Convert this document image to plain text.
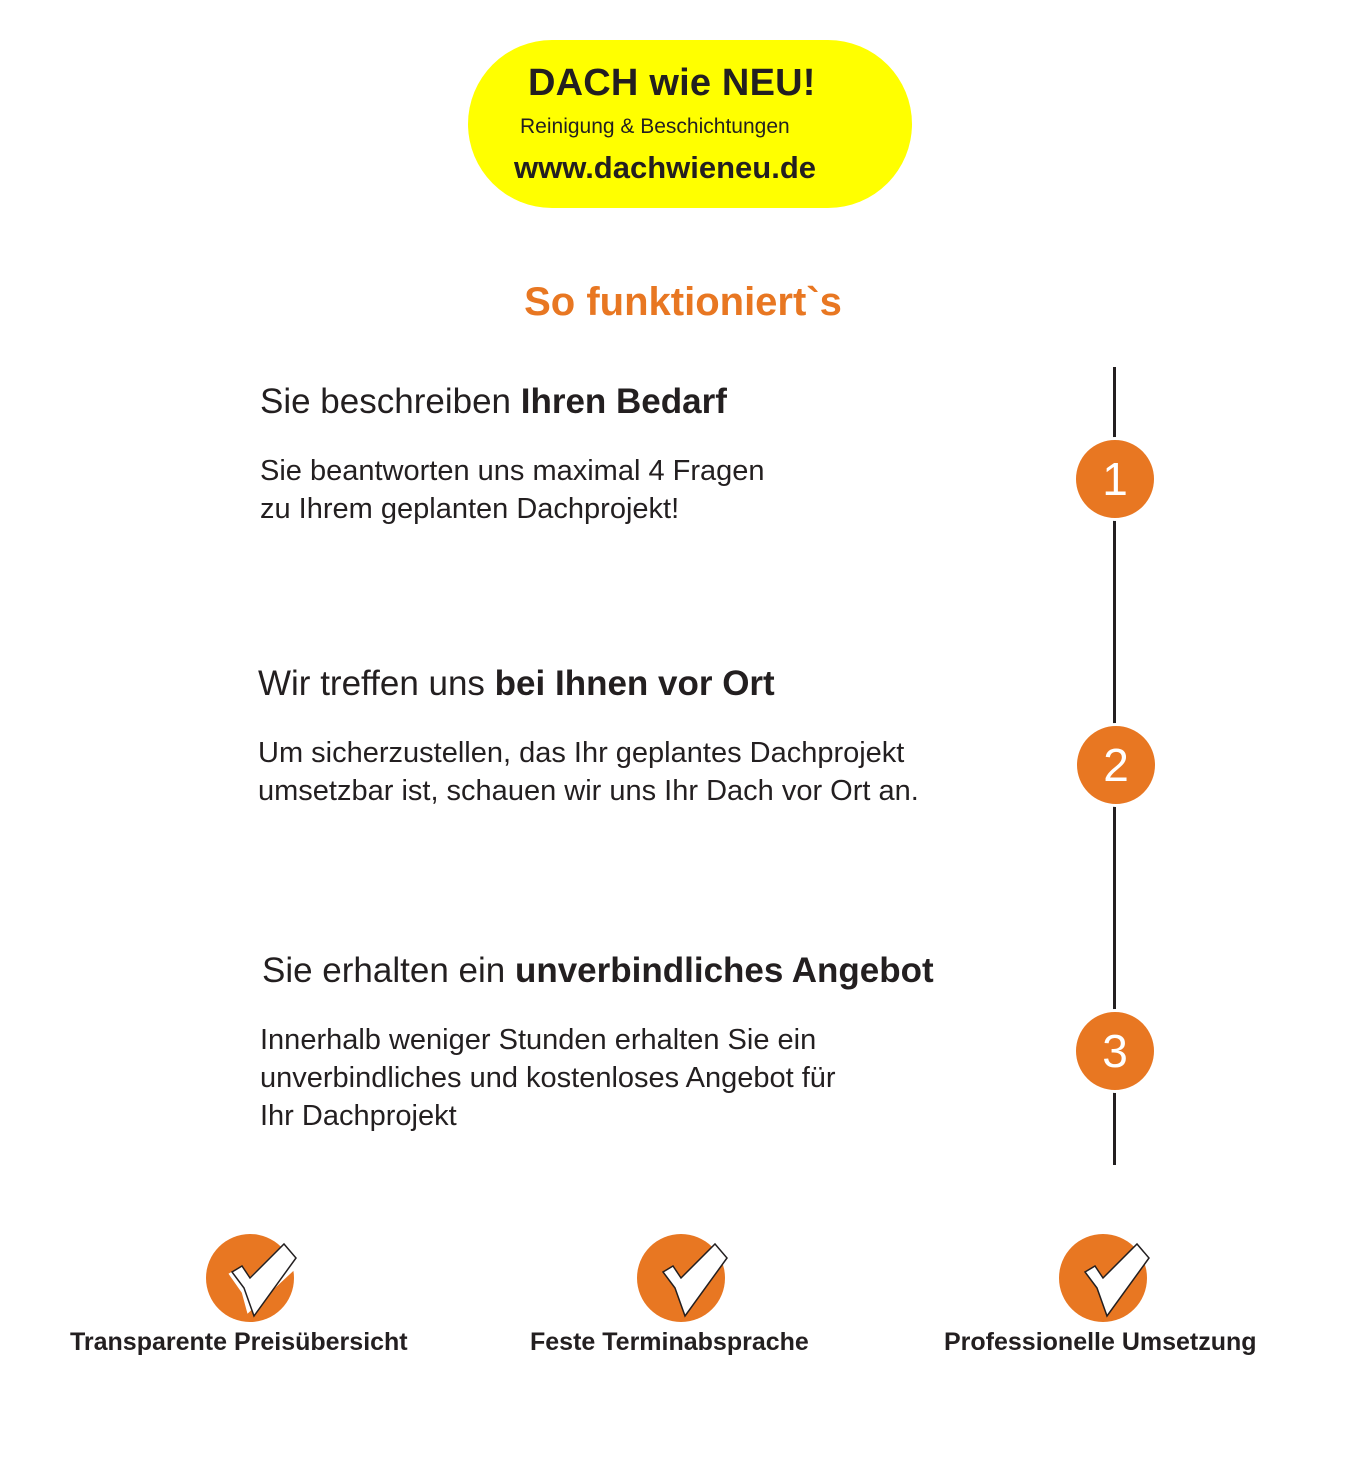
DACH wie NEU!
Reinigung & Beschichtungen
www.dachwieneu.de
So funktioniert`s
Sie beschreiben Ihren Bedarf
Sie beantworten uns maximal 4 Fragen
zu Ihrem geplanten Dachprojekt!
1
Wir treffen uns bei Ihnen vor Ort
Um sicherzustellen, das Ihr geplantes Dachprojekt
umsetzbar ist, schauen wir uns Ihr Dach vor Ort an.	2
Sie erhalten ein unverbindliches Angebot
Innerhalb weniger Stunden erhalten Sie ein
unverbindliches und kostenloses Angebot für
Ihr Dachprojekt
3
Transparente Preisübersicht	Feste Terminabsprache	Professionelle Umsetzung
